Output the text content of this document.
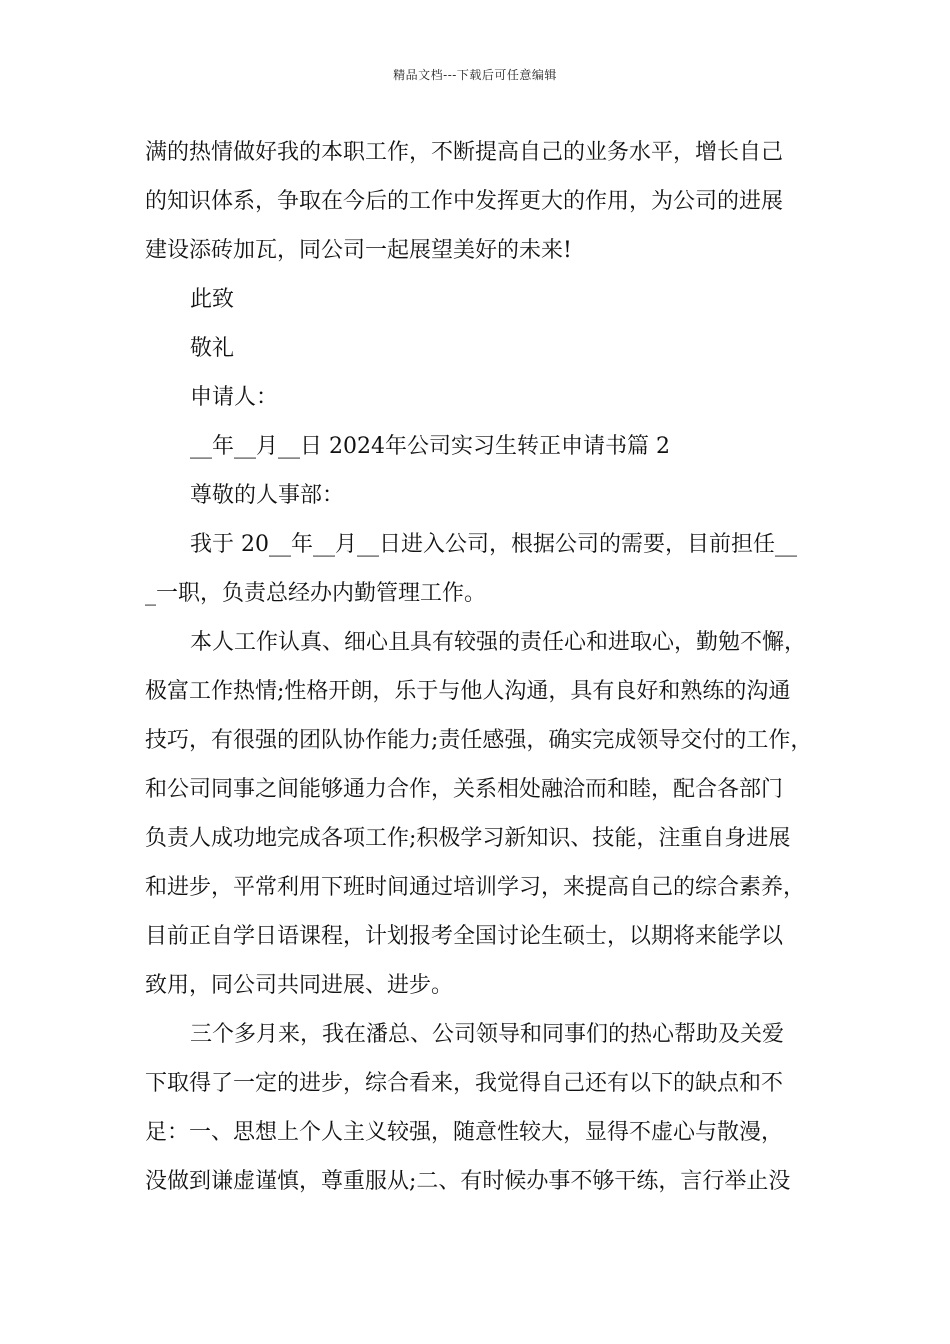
精品文档---下载后可任意编辑
满的热情做好我的本职工作，不断提高自己的业务水平，增长自己
的知识体系，争取在今后的工作中发挥更大的作用，为公司的进展
建设添砖加瓦，同公司一起展望美好的未来!
此致
敬礼
申请人：
__年__月__日 2024年公司实习生转正申请书篇 2
尊敬的人事部：
我于 20__年__月__日进入公司，根据公司的需要，目前担任__
_一职，负责总经办内勤管理工作。
本人工作认真、细心且具有较强的责任心和进取心，勤勉不懈，
极富工作热情;性格开朗，乐于与他人沟通，具有良好和熟练的沟通
技巧，有很强的团队协作能力;责任感强，确实完成领导交付的工作，
和公司同事之间能够通力合作，关系相处融洽而和睦，配合各部门
负责人成功地完成各项工作;积极学习新知识、技能，注重自身进展
和进步，平常利用下班时间通过培训学习，来提高自己的综合素养，
目前正自学日语课程，计划报考全国讨论生硕士，以期将来能学以
致用，同公司共同进展、进步。
三个多月来，我在潘总、公司领导和同事们的热心帮助及关爱
下取得了一定的进步，综合看来，我觉得自己还有以下的缺点和不
足：一、思想上个人主义较强，随意性较大，显得不虚心与散漫，
没做到谦虚谨慎，尊重服从;二、有时候办事不够干练，言行举止没
